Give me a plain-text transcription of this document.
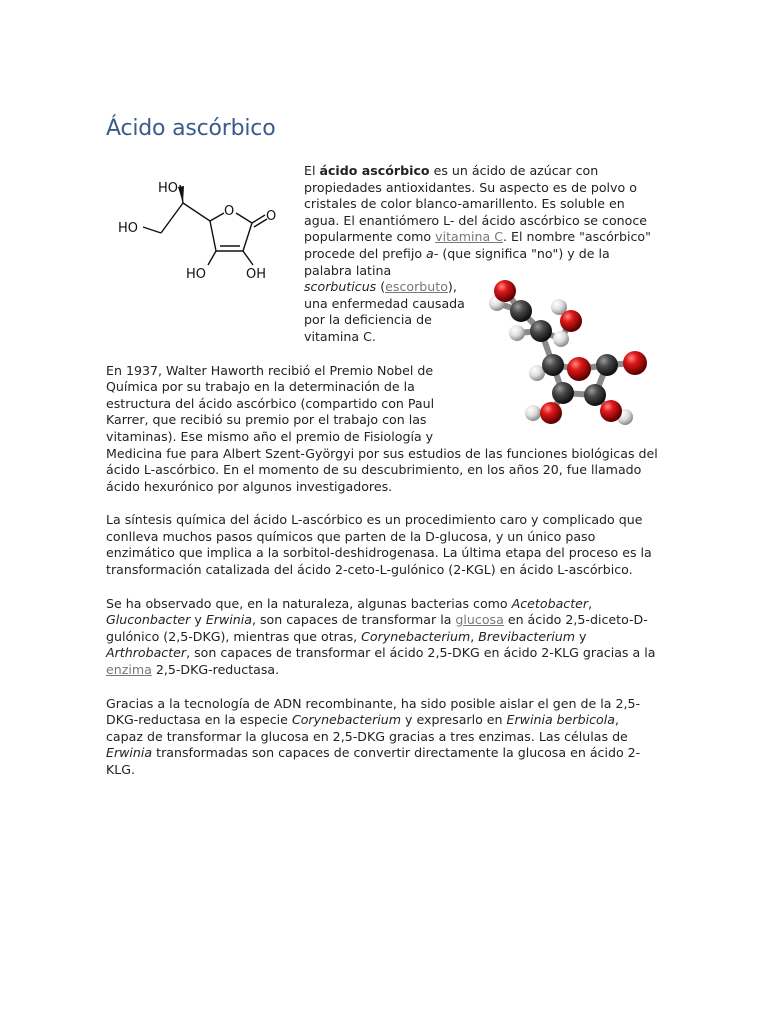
Ácido ascórbico
HO
HO
O O
HO	OH

El ácido ascórbico es un ácido de azúcar con propiedades antioxidantes. Su aspecto es de polvo o cristales de color blanco-amarillento. Es soluble en agua. El enantiómero L- del ácido ascórbico se conoce popularmente como vitamina C. El nombre "ascórbico" procede del prefijo a- (que significa "no") y de la palabra latina
scorbuticus (escorbuto), una enfermedad causada por la deficiencia de vitamina C.

En 1937, Walter Haworth recibió el Premio Nobel de Química por su trabajo en la determinación de la estructura del ácido ascórbico (compartido con Paul Karrer, que recibió su premio por el trabajo con las vitaminas). Ese mismo año el premio de Fisiología y Medicina fue para Albert Szent-Györgyi por sus estudios de las funciones biológicas del ácido L-ascórbico. En el momento de su descubrimiento, en los años 20, fue llamado ácido hexurónico por algunos investigadores.

La síntesis química del ácido L-ascórbico es un procedimiento caro y complicado que conlleva muchos pasos químicos que parten de la D-glucosa, y un único paso enzimático que implica a la sorbitol-deshidrogenasa. La última etapa del proceso es la transformación catalizada del ácido 2-ceto-L-gulónico (2-KGL) en ácido L-ascórbico.

Se ha observado que, en la naturaleza, algunas bacterias como Acetobacter, Gluconbacter y Erwinia, son capaces de transformar la glucosa en ácido 2,5-diceto-D-gulónico (2,5-DKG), mientras que otras, Corynebacterium, Brevibacterium y Arthrobacter, son capaces de transformar el ácido 2,5-DKG en ácido 2-KLG gracias a la enzima 2,5-DKG-reductasa.

Gracias a la tecnología de ADN recombinante, ha sido posible aislar el gen de la 2,5-DKG-reductasa en la especie Corynebacterium y expresarlo en Erwinia berbicola, capaz de transformar la glucosa en 2,5-DKG gracias a tres enzimas. Las células de Erwinia transformadas son capaces de convertir directamente la glucosa en ácido 2-KLG.
